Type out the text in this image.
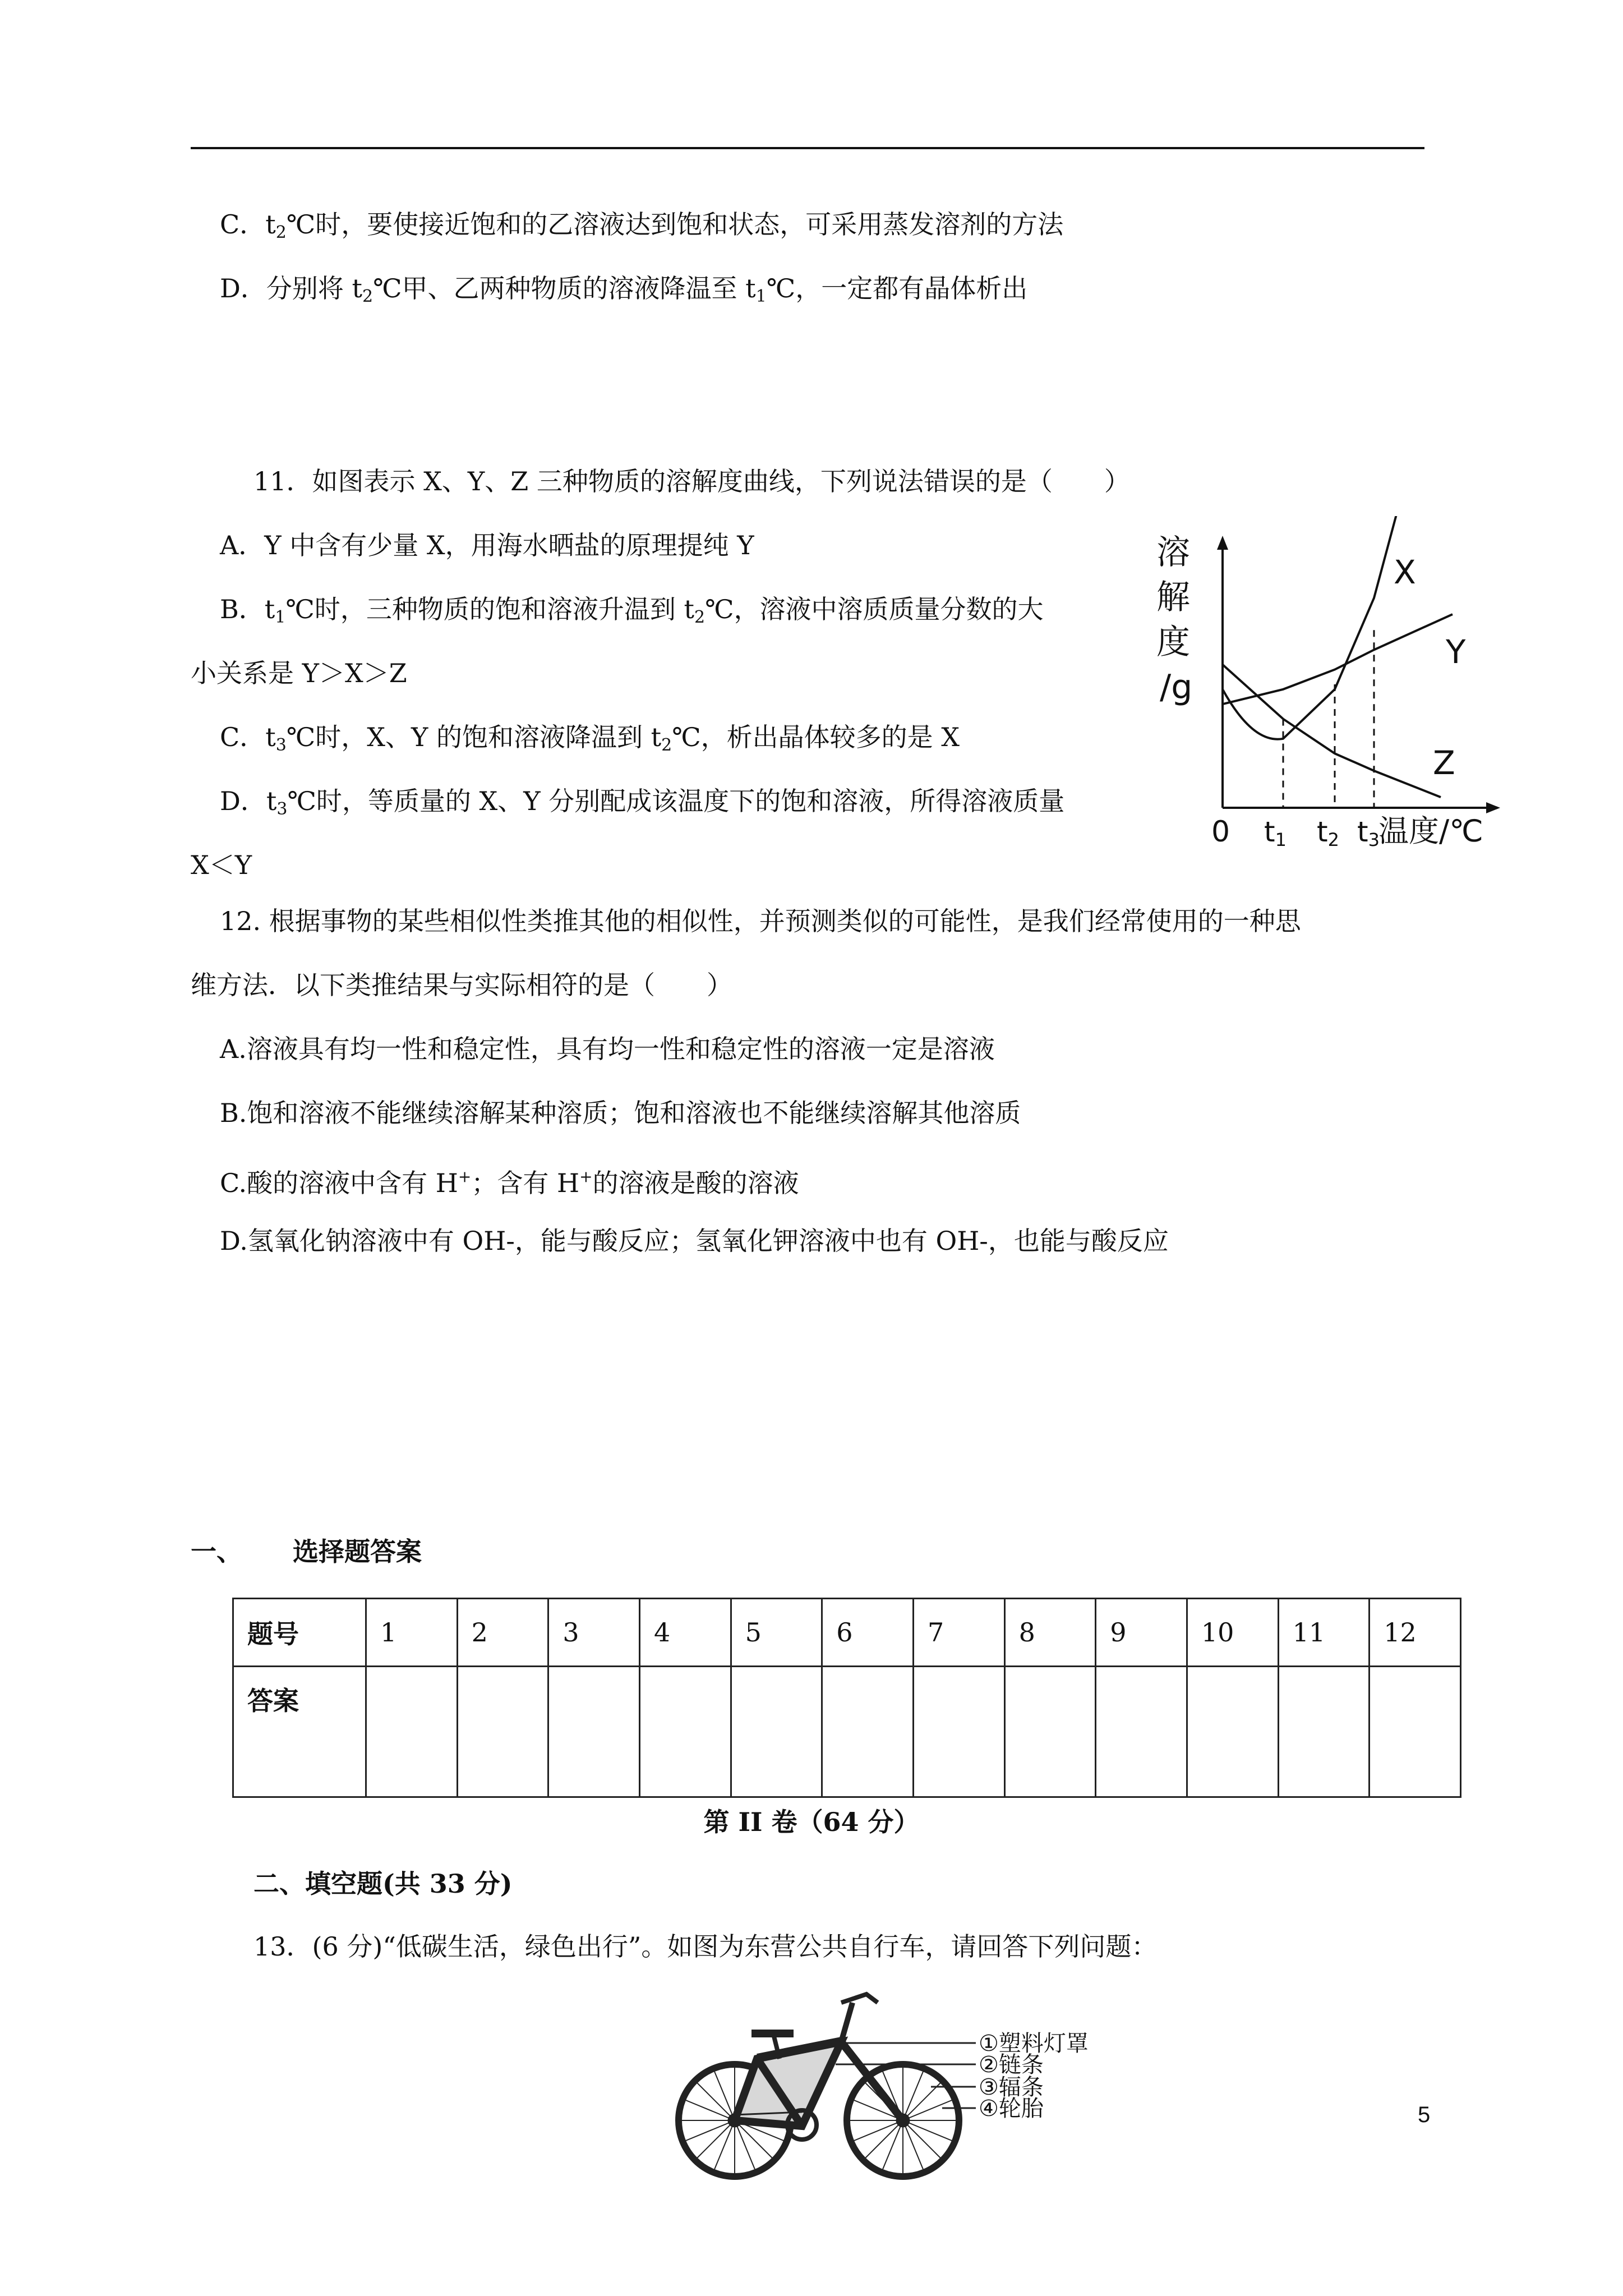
C．$t_2℃$时，要使接近饱和的乙溶液达到饱和状态，可采用蒸发溶剂的方法
D．分别将 $t_2℃$甲、乙两种物质的溶液降温至 $t_1℃$，一定都有晶体析出
11．如图表示 X、Y、Z 三种物质的溶解度曲线，下列说法错误的是（　　）
A．Y 中含有少量 X，用海水晒盐的原理提纯 Y
B．$t_1℃$时，三种物质的饱和溶液升温到 $t_2℃$，溶液中溶质质量分数的大
小关系是 Y＞X＞Z
C．$t_3℃$时，X、Y 的饱和溶液降温到 $t_2℃$，析出晶体较多的是 X
D．$t_3℃$时，等质量的 X、Y 分别配成该温度下的饱和溶液，所得溶液质量
X＜Y
溶
解
度
/g
0 t1 t2 t3
温度/℃
X
Y
Z
12. 根据事物的某些相似性类推其他的相似性，并预测类似的可能性，是我们经常使用的一种思
维方法．以下类推结果与实际相符的是（　　）
A.溶液具有均一性和稳定性，具有均一性和稳定性的溶液一定是溶液
B.饱和溶液不能继续溶解某种溶质；饱和溶液也不能继续溶解其他溶质
C.酸的溶液中含有 H+；含有 H+的溶液是酸的溶液
D.氢氧化钠溶液中有 OH-，能与酸反应；氢氧化钾溶液中也有 OH-，也能与酸反应
一、 选择题答案
题号	1	2	3	4	5	6	7	8	9	10	11	12
答案												
第 II 卷（64 分）
二、填空题(共 33 分)
13．(6 分)“低碳生活，绿色出行”。如图为东营公共自行车，请回答下列问题：
①塑料灯罩
②链条
③辐条
④轮胎	5
